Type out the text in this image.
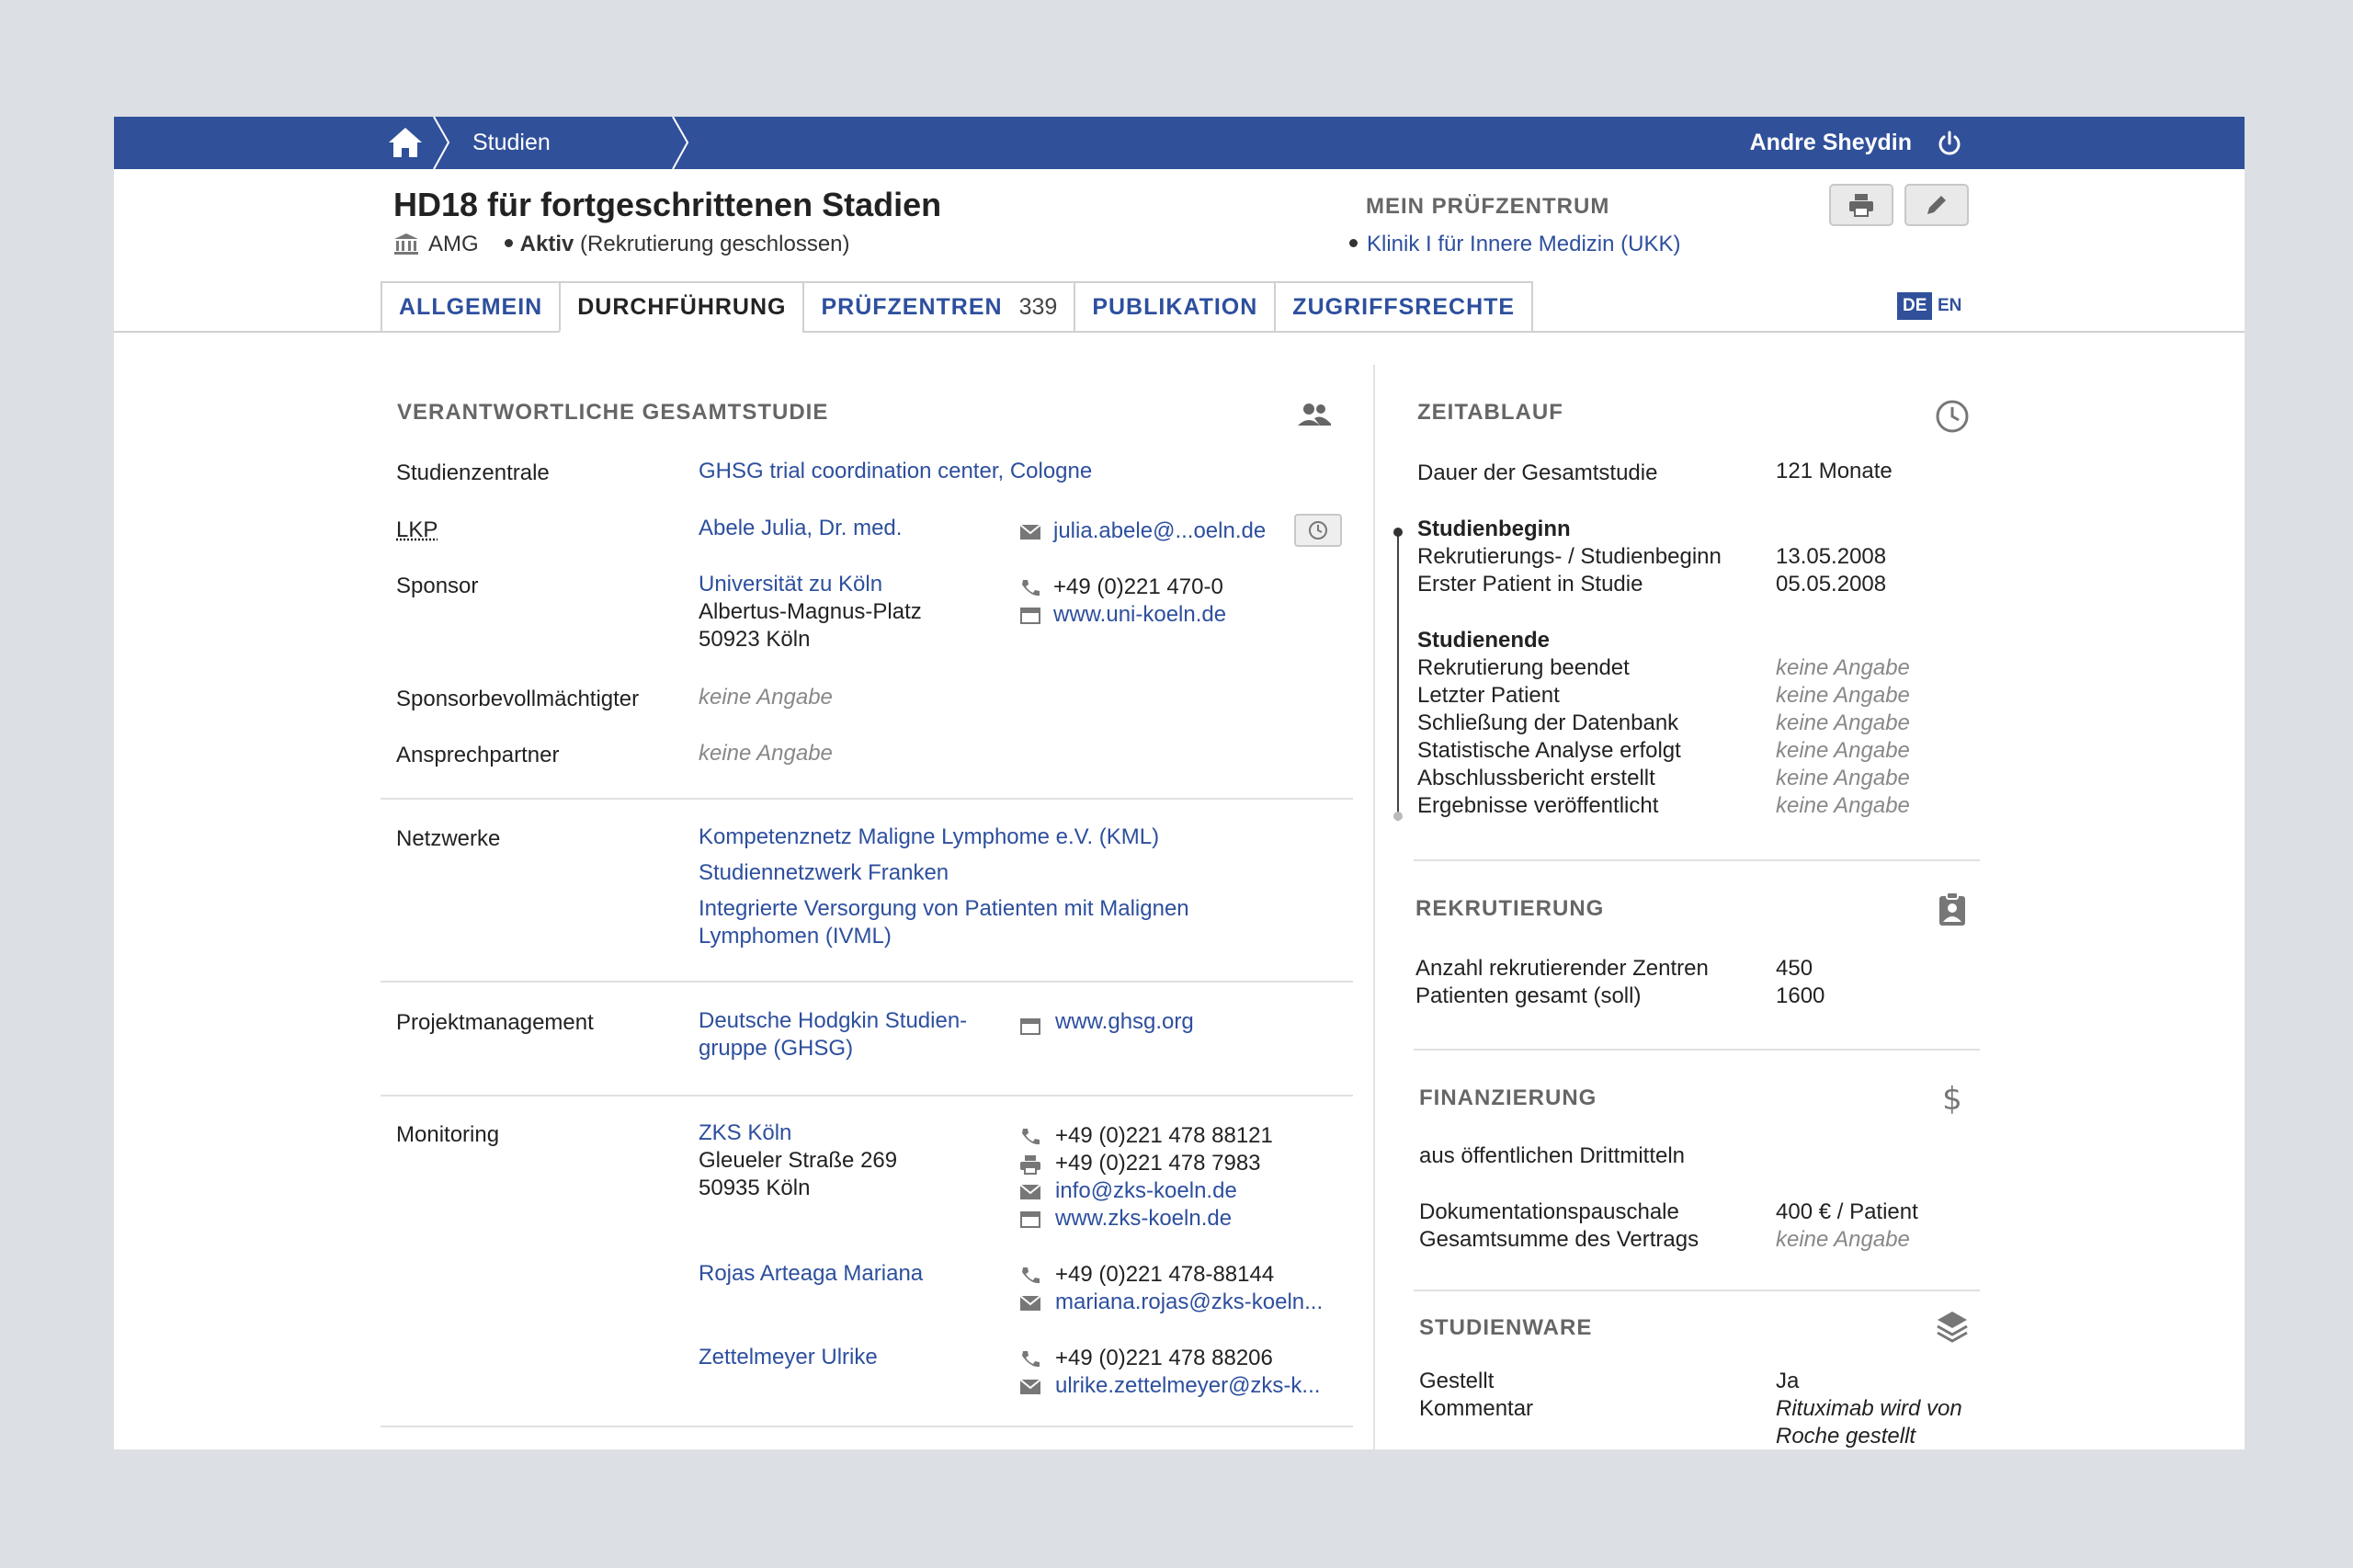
Studien	Andre Sheydin
HD18 für fortgeschrittenen Stadien
AMG Aktiv
(Rekrutierung geschlossen)
MEIN PRÜFZENTRUM
Klinik I für Innere Medizin (UKK)
ALLGEMEIN DURCHFÜHRUNG PRÜFZENTREN 339 PUBLIKATION ZUGRIFFSRECHTE	DE EN
VERANTWORTLICHE GESAMTSTUDIE
Studienzentrale	GHSG trial coordination center, Cologne
LKP	Abele Julia, Dr. med.	julia.abele@...oeln.de
Sponsor	Universität zu Köln
Albertus-Magnus-Platz
50923 Köln
+49 (0)221 470-0
www.uni-koeln.de
Sponsorbevollmächtigter	keine Angabe
Ansprechpartner	keine Angabe
Netzwerke	Kompetenznetz Maligne Lymphome e.V. (KML)
Studiennetzwerk Franken
Integrierte Versorgung von Patienten mit Malignen
Lymphomen (IVML)
Projektmanagement	Deutsche Hodgkin Studien-
gruppe (GHSG)
www.ghsg.org
Monitoring	ZKS Köln
Gleueler Straße 269
50935 Köln
+49 (0)221 478 88121
+49 (0)221 478 7983
info@zks-koeln.de
www.zks-koeln.de
Rojas Arteaga Mariana	+49 (0)221 478-88144
mariana.rojas@zks-koeln...
Zettelmeyer Ulrike	+49 (0)221 478 88206
ulrike.zettelmeyer@zks-k...
ZEITABLAUF
Dauer der Gesamtstudie	121 Monate
Studienbeginn
Rekrutierungs- / Studienbeginn 13.05.2008
Erster Patient in Studie	05.05.2008
Studienende
Rekrutierung beendet	keine Angabe
Letzter Patient	keine Angabe
Schließung der Datenbank	keine Angabe
Statistische Analyse erfolgt	keine Angabe
Abschlussbericht erstellt	keine Angabe
Ergebnisse veröffentlicht	keine Angabe
REKRUTIERUNG
Anzahl rekrutierender Zentren	450
Patienten gesamt (soll)	1600
FINANZIERUNG	$
aus öffentlichen Drittmitteln
Dokumentationspauschale	400 € / Patient
Gesamtsumme des Vertrags	keine Angabe
STUDIENWARE
Gestellt	Ja
Kommentar	Rituximab wird von
Roche gestellt
